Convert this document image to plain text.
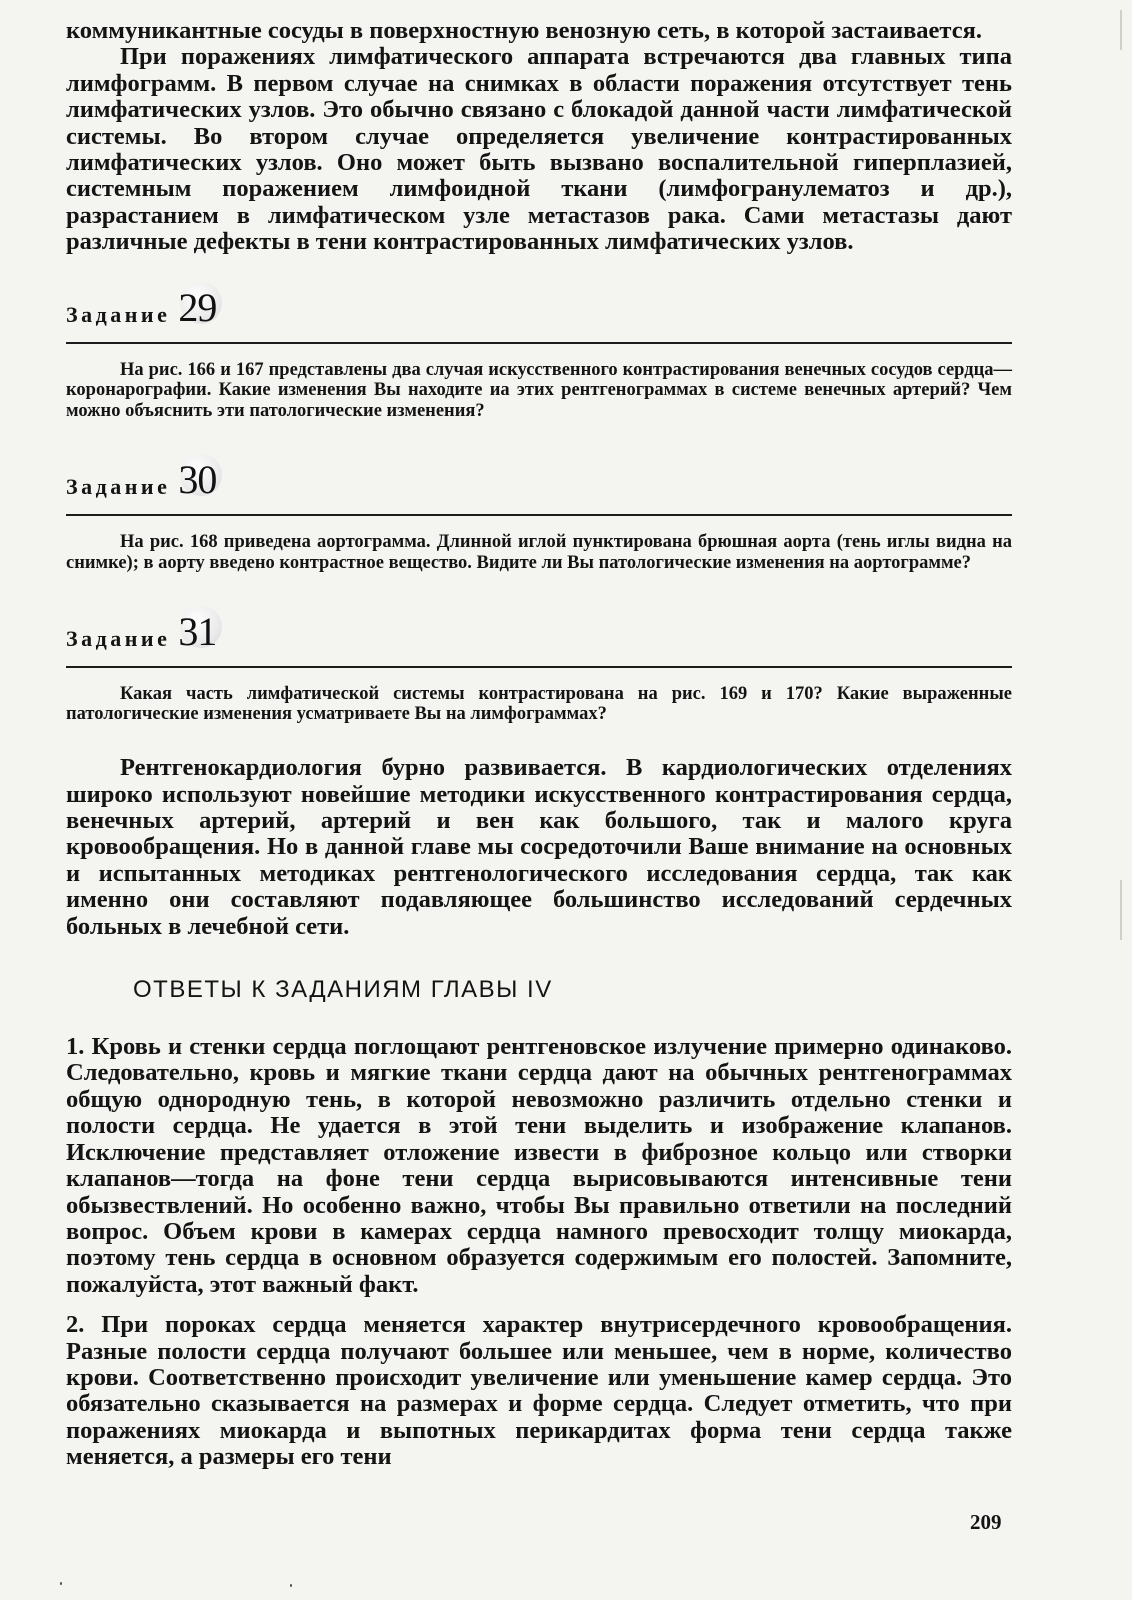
коммуникантные сосуды в поверхностную венозную сеть, в которой застаивается.

При поражениях лимфатического аппарата встречаются два главных типа лимфограмм. В первом случае на снимках в области поражения отсутствует тень лимфатических узлов. Это обычно связано с блокадой данной части лимфатической системы. Во втором случае определяется увеличение контрастированных лимфатических узлов. Оно может быть вызвано воспалительной гиперплазией, системным поражением лимфоидной ткани (лимфогранулематоз и др.), разрастанием в лимфатическом узле метастазов рака. Сами метастазы дают различные дефекты в тени контрастированных лимфатических узлов.

Задание 29

На рис. 166 и 167 представлены два случая искусственного контрастирования венечных сосудов сердца—коронарографии. Какие изменения Вы находите иа этих рентгенограммах в системе венечных артерий? Чем можно объяснить эти патологические изменения?

Задание 30

На рис. 168 приведена аортограмма. Длинной иглой пунктирована брюшная аорта (тень иглы видна на снимке); в аорту введено контрастное вещество. Видите ли Вы патологические изменения на аортограмме?

Задание 31

Какая часть лимфатической системы контрастирована на рис. 169 и 170? Какие выраженные патологические изменения усматриваете Вы на лимфограммах?

Рентгенокардиология бурно развивается. В кардиологических отделениях широко используют новейшие методики искусственного контрастирования сердца, венечных артерий, артерий и вен как большого, так и малого круга кровообращения. Но в данной главе мы сосредоточили Ваше внимание на основных и испытанных методиках рентгенологического исследования сердца, так как именно они составляют подавляющее большинство исследований сердечных больных в лечебной сети.

ОТВЕТЫ К ЗАДАНИЯМ ГЛАВЫ IV

1. Кровь и стенки сердца поглощают рентгеновское излучение примерно одинаково. Следовательно, кровь и мягкие ткани сердца дают на обычных рентгенограммах общую однородную тень, в которой невозможно различить отдельно стенки и полости сердца. Не удается в этой тени выделить и изображение клапанов. Исключение представляет отложение извести в фиброзное кольцо или створки клапанов—тогда на фоне тени сердца вырисовываются интенсивные тени обызвествлений. Но особенно важно, чтобы Вы правильно ответили на последний вопрос. Объем крови в камерах сердца намного превосходит толщу миокарда, поэтому тень сердца в основном образуется содержимым его полостей. Запомните, пожалуйста, этот важный факт.

2. При пороках сердца меняется характер внутрисердечного кровообращения. Разные полости сердца получают большее или меньшее, чем в норме, количество крови. Соответственно происходит увеличение или уменьшение камер сердца. Это обязательно сказывается на размерах и форме сердца. Следует отметить, что при поражениях миокарда и выпотных перикардитах форма тени сердца также меняется, а размеры его тени

209
